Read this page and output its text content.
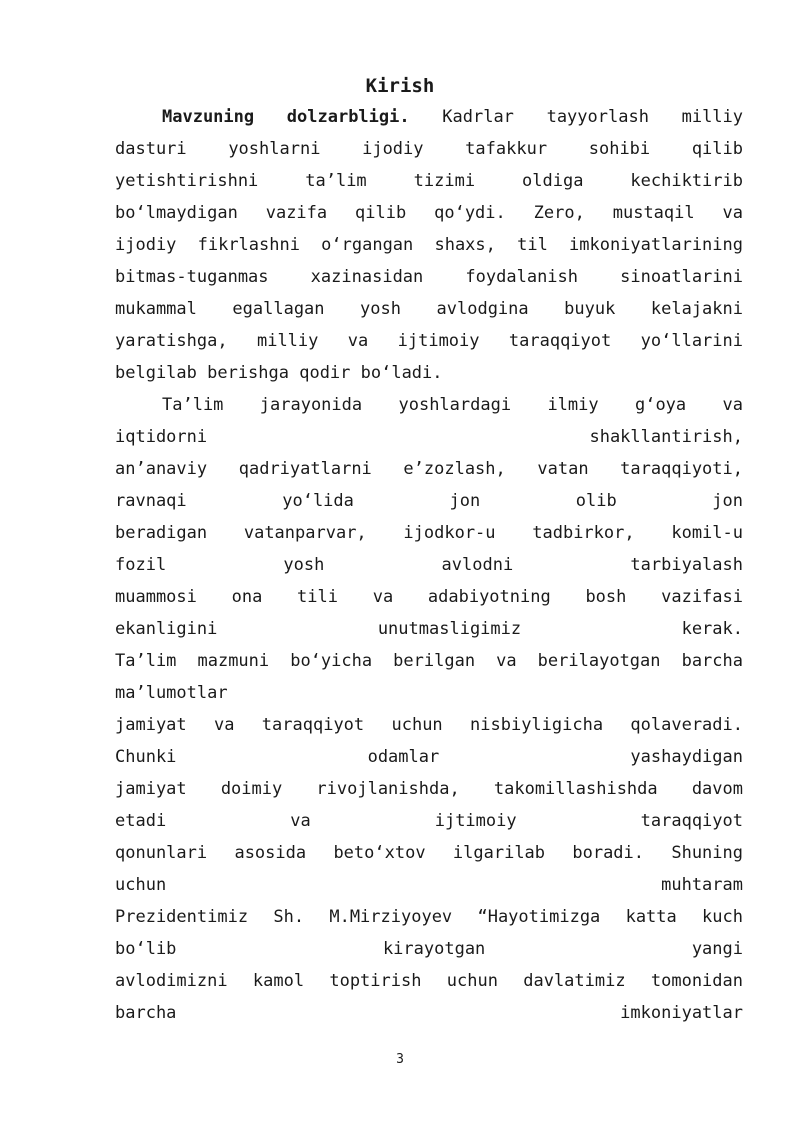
Kirish
Mavzuning dolzarbligi. Kadrlar tayyorlash milliy
dasturi yoshlarni ijodiy tafakkur sohibi qilib
yetishtirishni ta’lim tizimi oldiga kechiktirib
bo‘lmaydigan vazifa qilib qo‘ydi. Zero, mustaqil va
ijodiy fikrlashni o‘rgangan shaxs, til imkoniyatlarining
bitmas-tuganmas xazinasidan foydalanish sinoatlarini
mukammal egallagan yosh avlodgina buyuk kelajakni
yaratishga, milliy va ijtimoiy taraqqiyot yo‘llarini
belgilab berishga qodir bo‘ladi.
Ta’lim jarayonida yoshlardagi ilmiy g‘oya va
iqtidorni shakllantirish,
an’anaviy qadriyatlarni e’zozlash, vatan taraqqiyoti,
ravnaqi yo‘lida jon olib jon
beradigan vatanparvar, ijodkor-u tadbirkor, komil-u
fozil yosh avlodni tarbiyalash
muammosi ona tili va adabiyotning bosh vazifasi
ekanligini unutmasligimiz kerak.
Ta’lim mazmuni bo‘yicha berilgan va berilayotgan barcha
ma’lumotlar
jamiyat va taraqqiyot uchun nisbiyligicha qolaveradi.
Chunki odamlar yashaydigan
jamiyat doimiy rivojlanishda, takomillashishda davom
etadi va ijtimoiy taraqqiyot
qonunlari asosida beto‘xtov ilgarilab boradi. Shuning
uchun muhtaram
Prezidentimiz Sh. M.Mirziyoyev “Hayotimizga katta kuch
bo‘lib kirayotgan yangi
avlodimizni kamol toptirish uchun davlatimiz tomonidan
barcha imkoniyatlar
3
